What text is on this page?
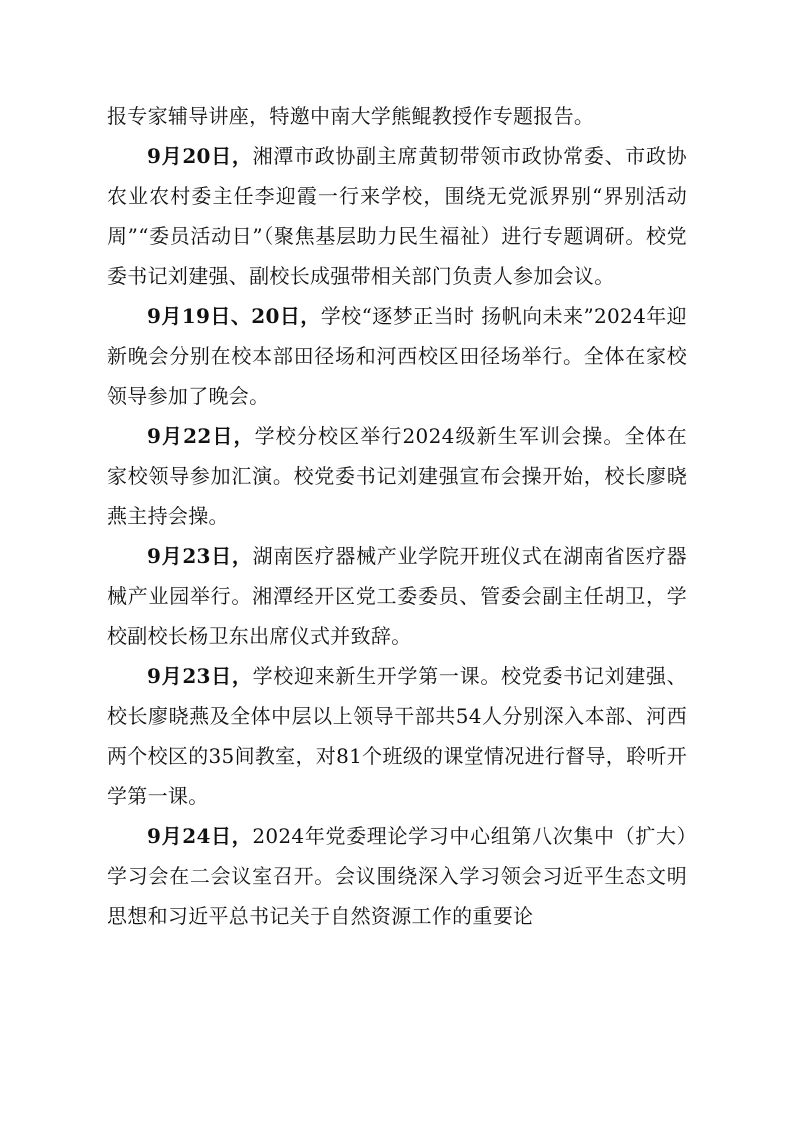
报专家辅导讲座，特邀中南大学熊鲲教授作专题报告。

9月20日，湘潭市政协副主席黄韧带领市政协常委、市政协农业农村委主任李迎霞一行来学校，围绕无党派界别“界别活动周”“委员活动日”（聚焦基层助力民生福祉）进行专题调研。校党委书记刘建强、副校长成强带相关部门负责人参加会议。

9月19日、20日，学校“逐梦正当时 扬帆向未来”2024年迎新晚会分别在校本部田径场和河西校区田径场举行。全体在家校领导参加了晚会。

9月22日，学校分校区举行2024级新生军训会操。全体在家校领导参加汇演。校党委书记刘建强宣布会操开始，校长廖晓燕主持会操。

9月23日，湖南医疗器械产业学院开班仪式在湖南省医疗器械产业园举行。湘潭经开区党工委委员、管委会副主任胡卫，学校副校长杨卫东出席仪式并致辞。

9月23日，学校迎来新生开学第一课。校党委书记刘建强、校长廖晓燕及全体中层以上领导干部共54人分别深入本部、河西两个校区的35间教室，对81个班级的课堂情况进行督导，聆听开学第一课。

9月24日，2024年党委理论学习中心组第八次集中（扩大）学习会在二会议室召开。会议围绕深入学习领会习近平生态文明思想和习近平总书记关于自然资源工作的重要论
